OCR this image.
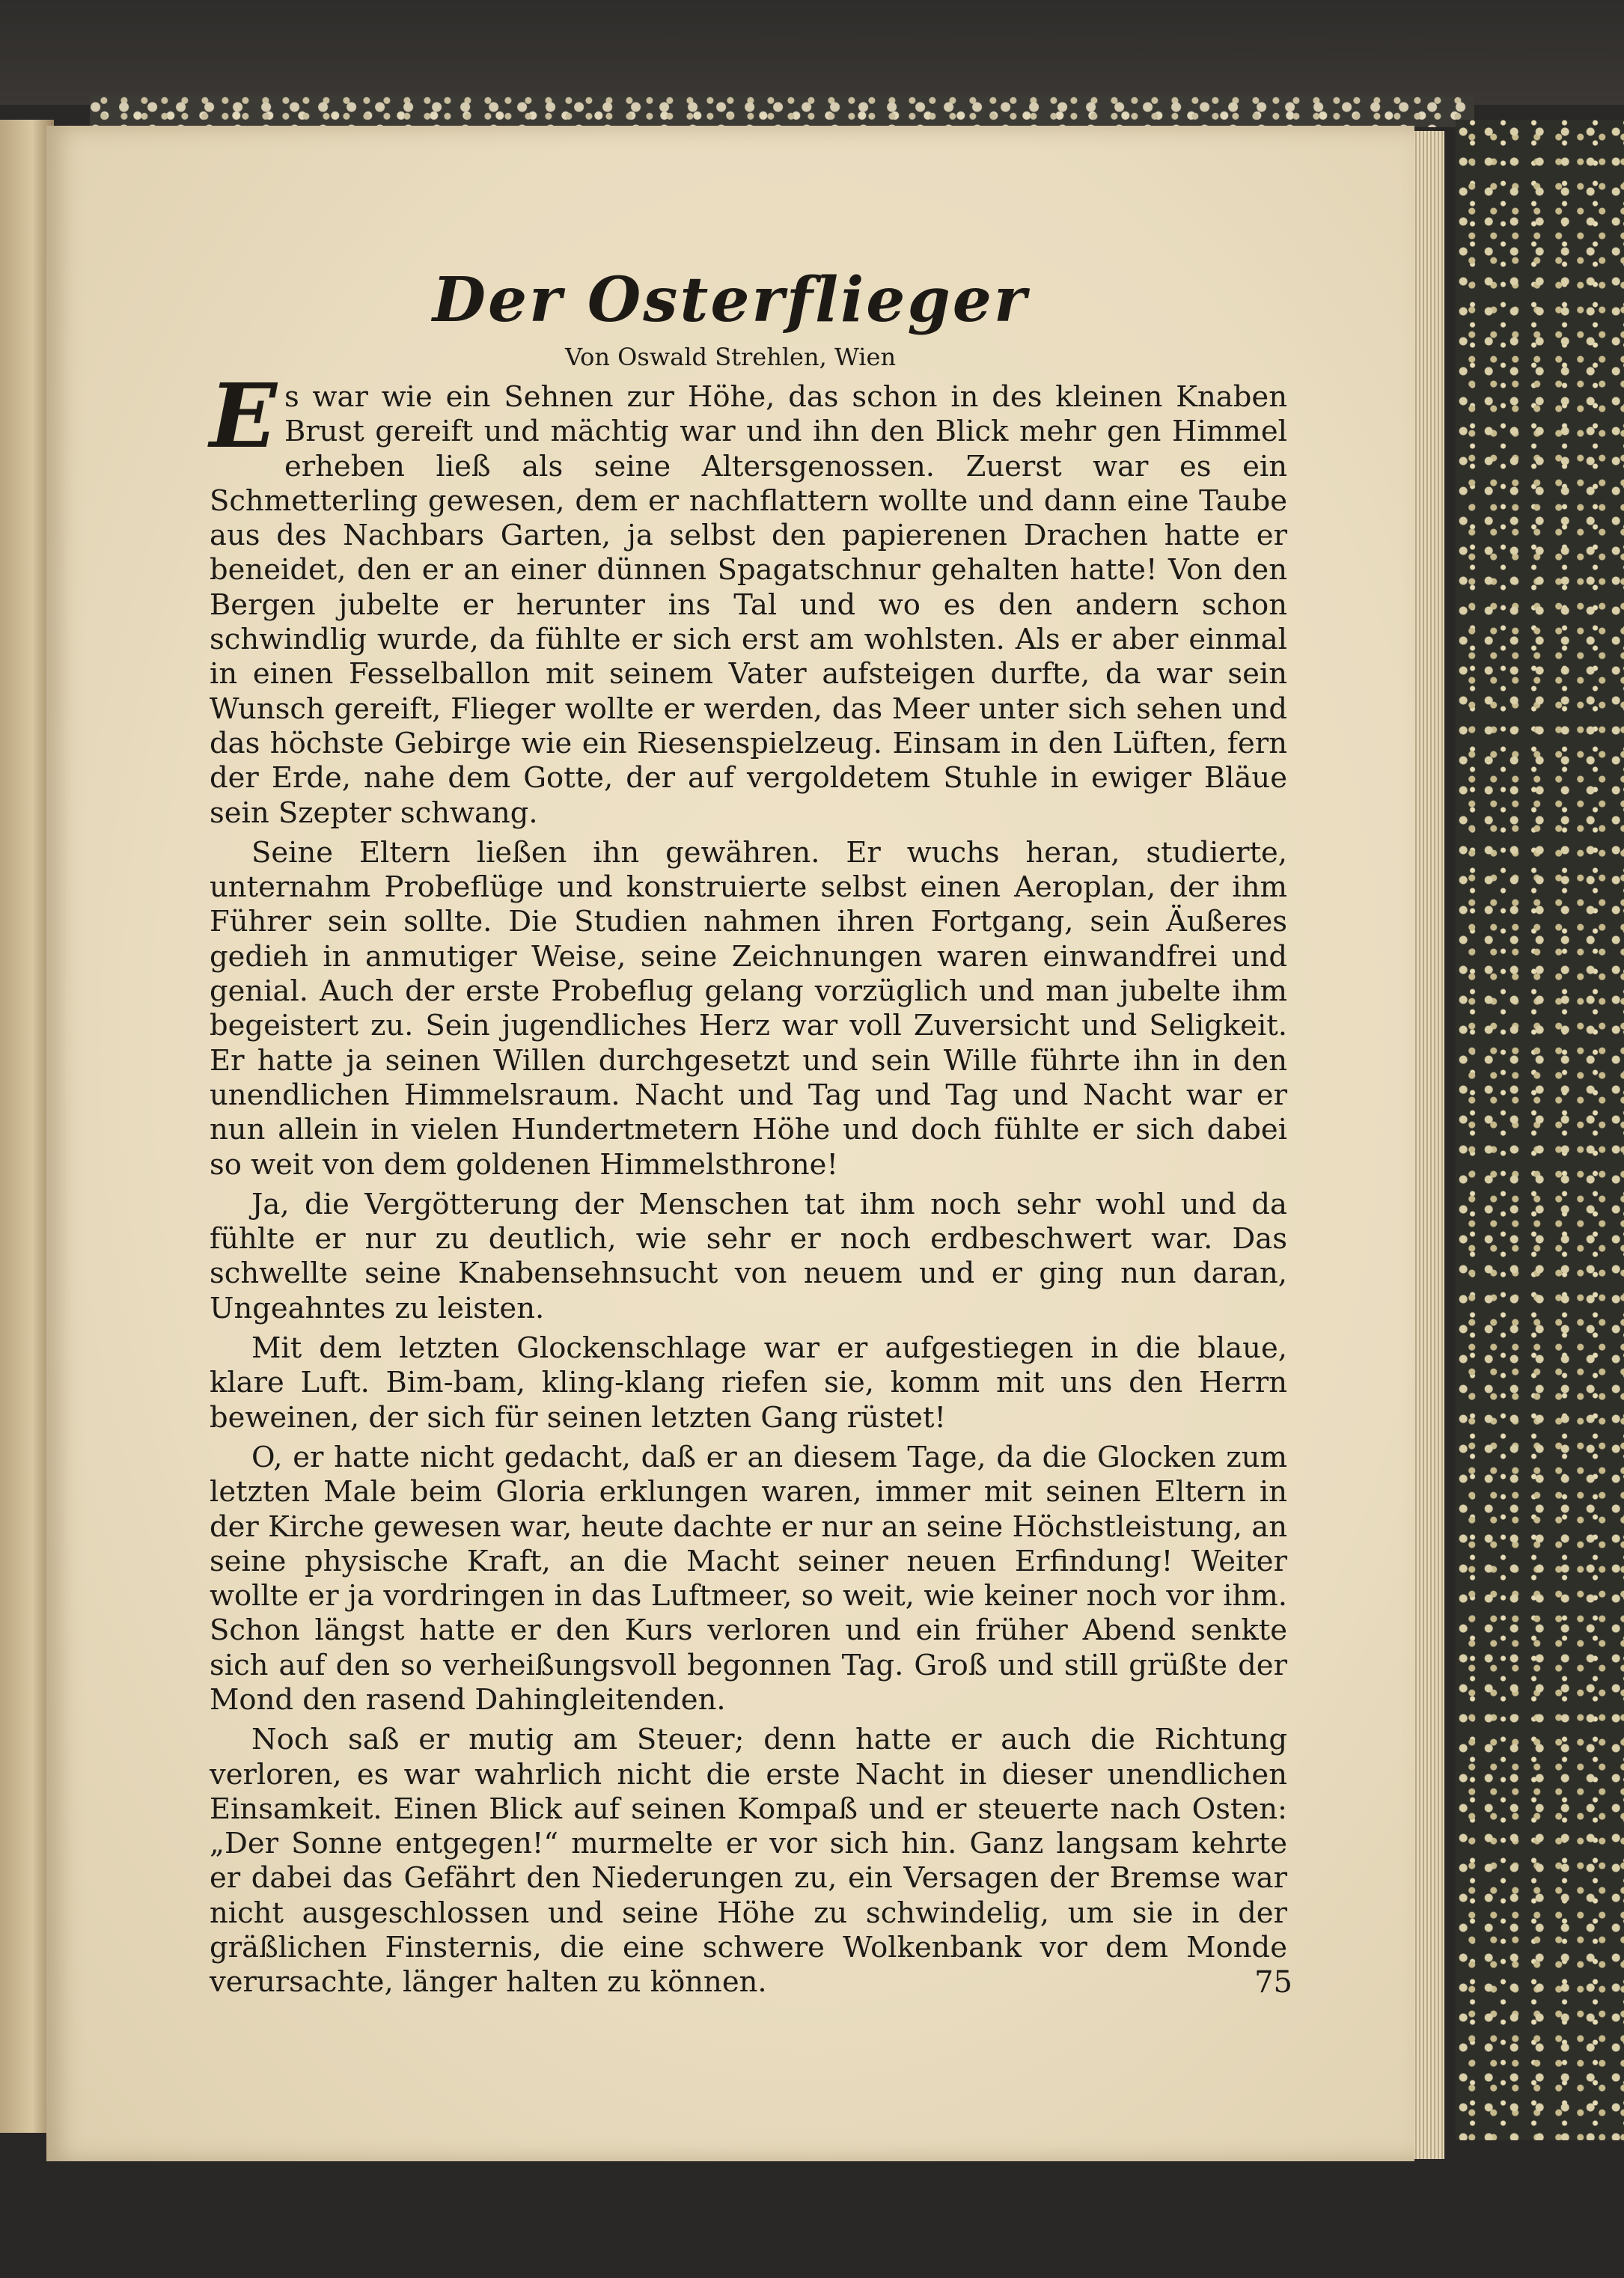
Der Osterflieger
Von Oswald Strehlen, Wien

Es war wie ein Sehnen zur Höhe, das schon in des kleinen Knaben Brust gereift und mächtig war und ihn den Blick mehr gen Himmel erheben ließ als seine Altersgenossen. Zuerst war es ein Schmetterling gewesen, dem er nachflattern wollte und dann eine Taube aus des Nachbars Garten, ja selbst den papierenen Drachen hatte er beneidet, den er an einer dünnen Spagatschnur gehalten hatte! Von den Bergen jubelte er herunter ins Tal und wo es den andern schon schwindlig wurde, da fühlte er sich erst am wohlsten. Als er aber einmal in einen Fesselballon mit seinem Vater aufsteigen durfte, da war sein Wunsch gereift, Flieger wollte er werden, das Meer unter sich sehen und das höchste Gebirge wie ein Riesenspielzeug. Einsam in den Lüften, fern der Erde, nahe dem Gotte, der auf vergoldetem Stuhle in ewiger Bläue sein Szepter schwang.

Seine Eltern ließen ihn gewähren. Er wuchs heran, studierte, unternahm Probeflüge und konstruierte selbst einen Aeroplan, der ihm Führer sein sollte. Die Studien nahmen ihren Fortgang, sein Äußeres gedieh in anmutiger Weise, seine Zeichnungen waren einwandfrei und genial. Auch der erste Probeflug gelang vorzüglich und man jubelte ihm begeistert zu. Sein jugendliches Herz war voll Zuversicht und Seligkeit. Er hatte ja seinen Willen durchgesetzt und sein Wille führte ihn in den unendlichen Himmelsraum. Nacht und Tag und Tag und Nacht war er nun allein in vielen Hundertmetern Höhe und doch fühlte er sich dabei so weit von dem goldenen Himmelsthrone!

Ja, die Vergötterung der Menschen tat ihm noch sehr wohl und da fühlte er nur zu deutlich, wie sehr er noch erdbeschwert war. Das schwellte seine Knabensehnsucht von neuem und er ging nun daran, Ungeahntes zu leisten.

Mit dem letzten Glockenschlage war er aufgestiegen in die blaue, klare Luft. Bim-bam, kling-klang riefen sie, komm mit uns den Herrn beweinen, der sich für seinen letzten Gang rüstet!

O, er hatte nicht gedacht, daß er an diesem Tage, da die Glocken zum letzten Male beim Gloria erklungen waren, immer mit seinen Eltern in der Kirche gewesen war, heute dachte er nur an seine Höchstleistung, an seine physische Kraft, an die Macht seiner neuen Erfindung! Weiter wollte er ja vordringen in das Luftmeer, so weit, wie keiner noch vor ihm. Schon längst hatte er den Kurs verloren und ein früher Abend senkte sich auf den so verheißungsvoll begonnen Tag. Groß und still grüßte der Mond den rasend Dahingleitenden.

Noch saß er mutig am Steuer; denn hatte er auch die Richtung verloren, es war wahrlich nicht die erste Nacht in dieser unendlichen Einsamkeit. Einen Blick auf seinen Kompaß und er steuerte nach Osten: „Der Sonne entgegen!“ murmelte er vor sich hin. Ganz langsam kehrte er dabei das Gefährt den Niederungen zu, ein Versagen der Bremse war nicht ausgeschlossen und seine Höhe zu schwindelig, um sie in der gräßlichen Finsternis, die eine schwere Wolkenbank vor dem Monde verursachte, länger halten zu können.	75
